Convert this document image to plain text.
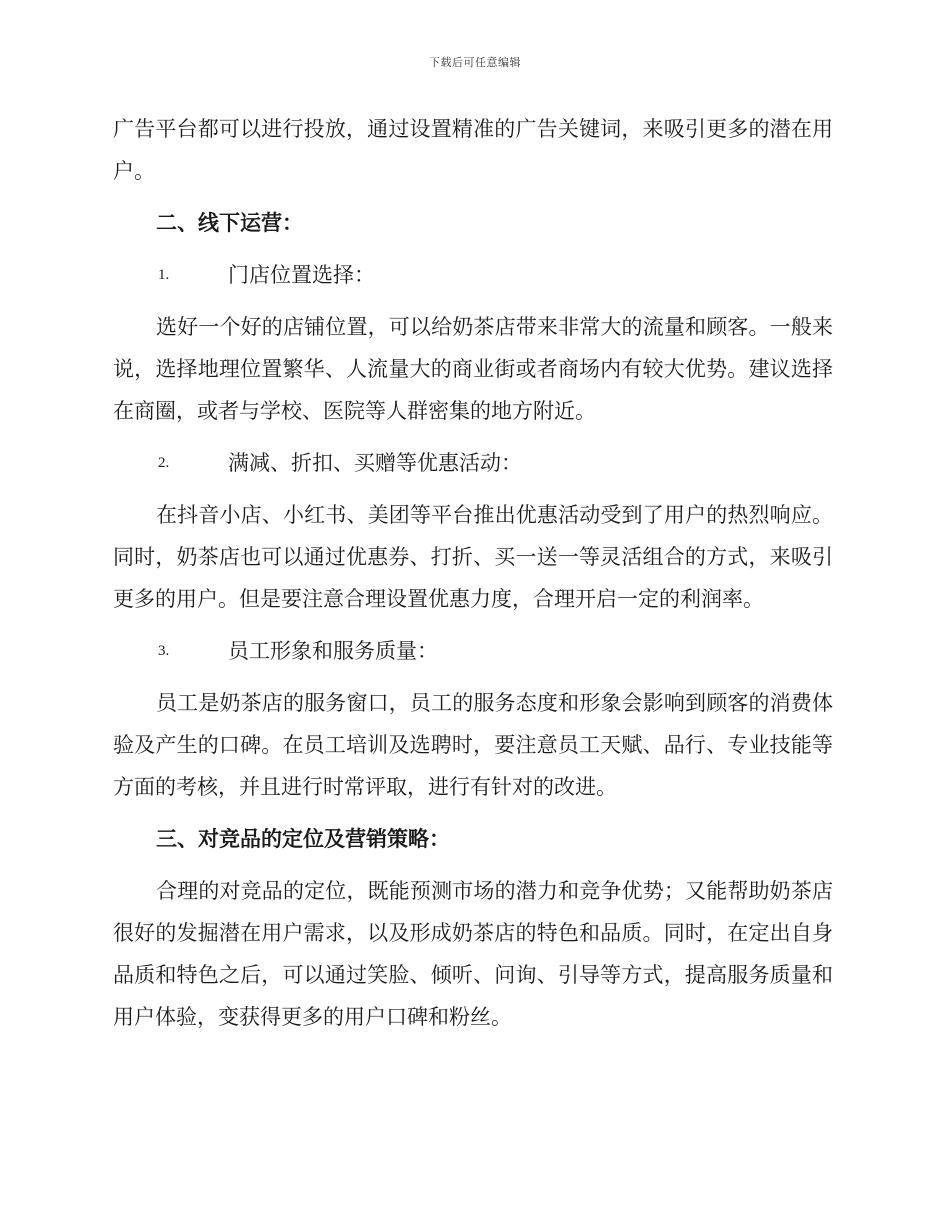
下载后可任意编辑

广告平台都可以进行投放，通过设置精准的广告关键词，来吸引更多的潜在用户。

二、线下运营：
1.	门店位置选择：

选好一个好的店铺位置，可以给奶茶店带来非常大的流量和顾客。一般来说，选择地理位置繁华、人流量大的商业街或者商场内有较大优势。建议选择在商圈，或者与学校、医院等人群密集的地方附近。

2.	满减、折扣、买赠等优惠活动：

在抖音小店、小红书、美团等平台推出优惠活动受到了用户的热烈响应。同时，奶茶店也可以通过优惠券、打折、买一送一等灵活组合的方式，来吸引更多的用户。但是要注意合理设置优惠力度，合理开启一定的利润率。

3.	员工形象和服务质量：

员工是奶茶店的服务窗口，员工的服务态度和形象会影响到顾客的消费体验及产生的口碑。在员工培训及选聘时，要注意员工天赋、品行、专业技能等方面的考核，并且进行时常评取，进行有针对的改进。

三、对竞品的定位及营销策略：

合理的对竞品的定位，既能预测市场的潜力和竞争优势；又能帮助奶茶店很好的发掘潜在用户需求，以及形成奶茶店的特色和品质。同时，在定出自身品质和特色之后，可以通过笑脸、倾听、问询、引导等方式，提高服务质量和用户体验，变获得更多的用户口碑和粉丝。
